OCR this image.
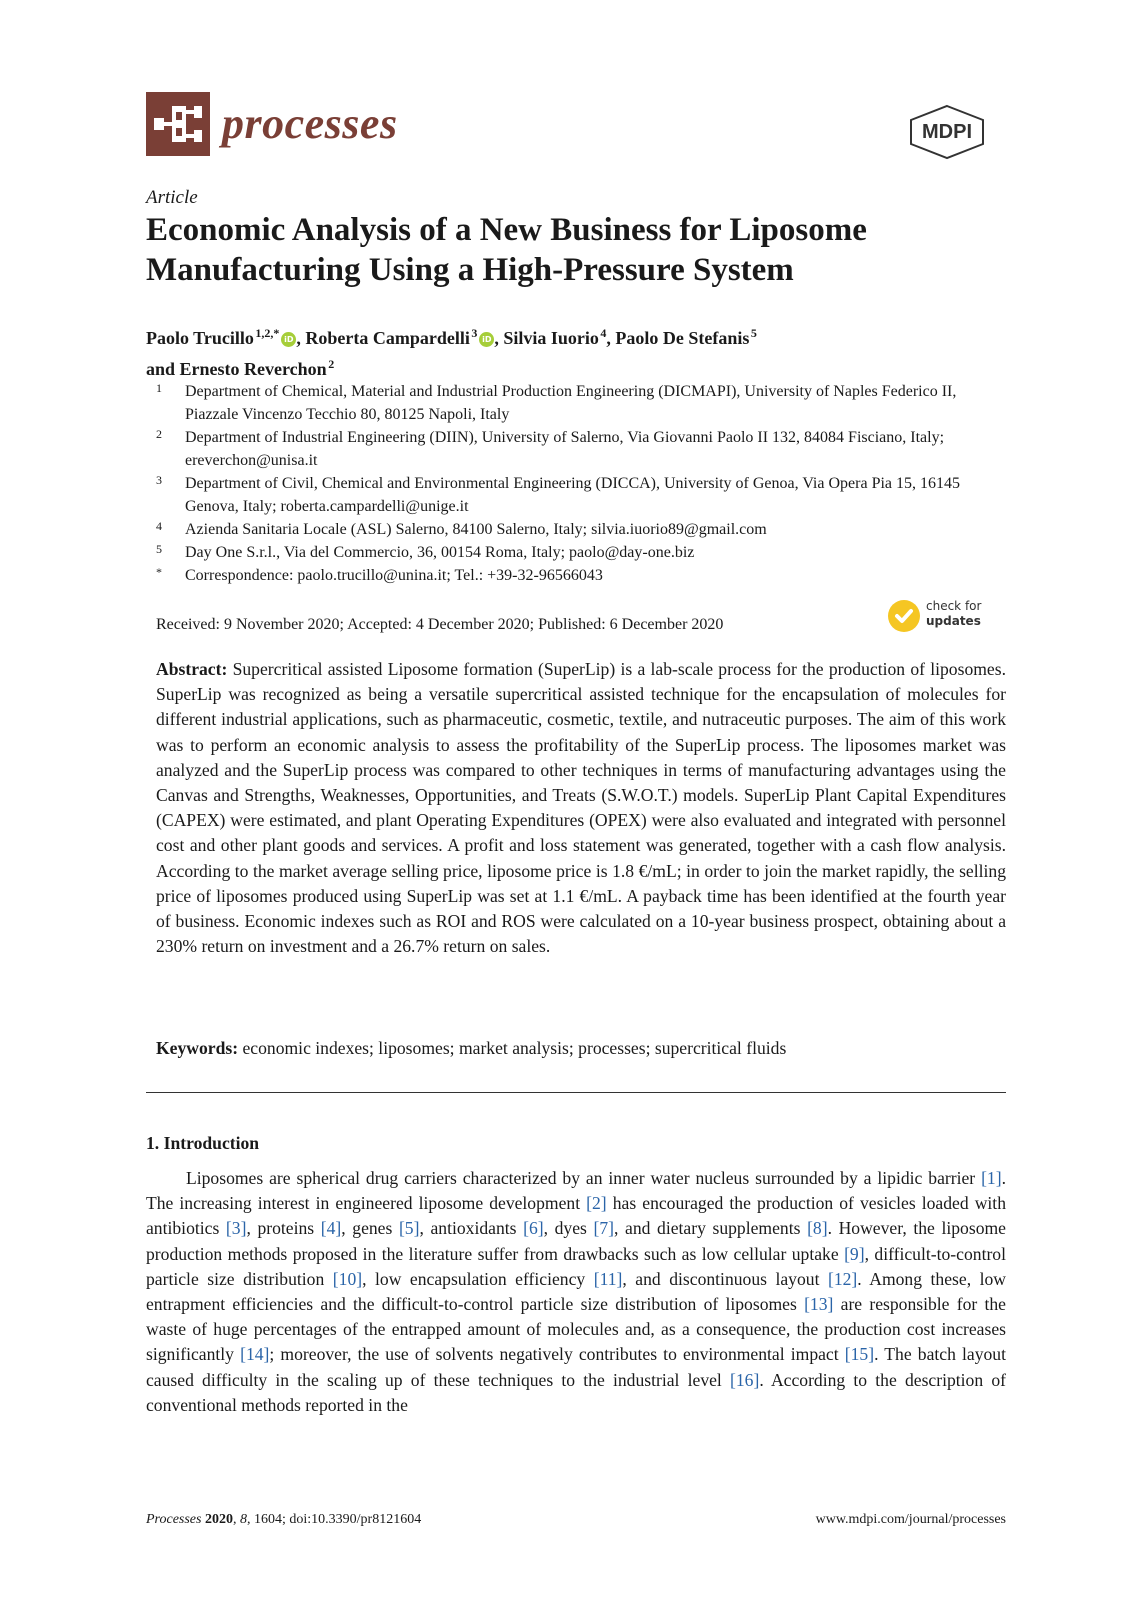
processes	MDPI
Article
Economic Analysis of a New Business for Liposome Manufacturing Using a High-Pressure System
Paolo Trucillo  $^{1,2,*}$ iD , Roberta Campardelli  $^3$ iD , Silvia Iuorio  $^4$, Paolo De Stefanis  $^5$
and Ernesto Reverchon  $^2$
1	Department of Chemical, Material and Industrial Production Engineering (DICMAPI), University of Naples Federico II, Piazzale Vincenzo Tecchio 80, 80125 Napoli, Italy
2	Department of Industrial Engineering (DIIN), University of Salerno, Via Giovanni Paolo II 132, 84084 Fisciano, Italy; ereverchon@unisa.it
3	Department of Civil, Chemical and Environmental Engineering (DICCA), University of Genoa, Via Opera Pia 15, 16145 Genova, Italy; roberta.campardelli@unige.it
4	Azienda Sanitaria Locale (ASL) Salerno, 84100 Salerno, Italy; silvia.iuorio89@gmail.com
5	Day One S.r.l., Via del Commercio, 36, 00154 Roma, Italy; paolo@day-one.biz
*	Correspondence: paolo.trucillo@unina.it; Tel.: +39-32-96566043
Received: 9 November 2020; Accepted: 4 December 2020; Published: 6 December 2020
check for
updates

Abstract: Supercritical assisted Liposome formation (SuperLip) is a lab-scale process for the production of liposomes. SuperLip was recognized as being a versatile supercritical assisted technique for the encapsulation of molecules for different industrial applications, such as pharmaceutic, cosmetic, textile, and nutraceutic purposes. The aim of this work was to perform an economic analysis to assess the profitability of the SuperLip process. The liposomes market was analyzed and the SuperLip process was compared to other techniques in terms of manufacturing advantages using the Canvas and Strengths, Weaknesses, Opportunities, and Treats (S.W.O.T.) models. SuperLip Plant Capital Expenditures (CAPEX) were estimated, and plant Operating Expenditures (OPEX) were also evaluated and integrated with personnel cost and other plant goods and services. A profit and loss statement was generated, together with a cash flow analysis. According to the market average selling price, liposome price is 1.8 €/mL; in order to join the market rapidly, the selling price of liposomes produced using SuperLip was set at 1.1 €/mL. A payback time has been identified at the fourth year of business. Economic indexes such as ROI and ROS were calculated on a 10-year business prospect, obtaining about a 230% return on investment and a 26.7% return on sales.

Keywords: economic indexes; liposomes; market analysis; processes; supercritical fluids

1. Introduction

Liposomes are spherical drug carriers characterized by an inner water nucleus surrounded by a lipidic barrier [1]. The increasing interest in engineered liposome development [2] has encouraged the production of vesicles loaded with antibiotics [3], proteins [4], genes [5], antioxidants [6], dyes [7], and dietary supplements [8]. However, the liposome production methods proposed in the literature suffer from drawbacks such as low cellular uptake [9], difficult-to-control particle size distribution [10], low encapsulation efficiency [11], and discontinuous layout [12]. Among these, low entrapment efficiencies and the difficult-to-control particle size distribution of liposomes [13] are responsible for the waste of huge percentages of the entrapped amount of molecules and, as a consequence, the production cost increases significantly [14]; moreover, the use of solvents negatively contributes to environmental impact [15]. The batch layout caused difficulty in the scaling up of these techniques to the industrial level [16]. According to the description of conventional methods reported in the

Processes 2020, 8, 1604; doi:10.3390/pr8121604	www.mdpi.com/journal/processes
